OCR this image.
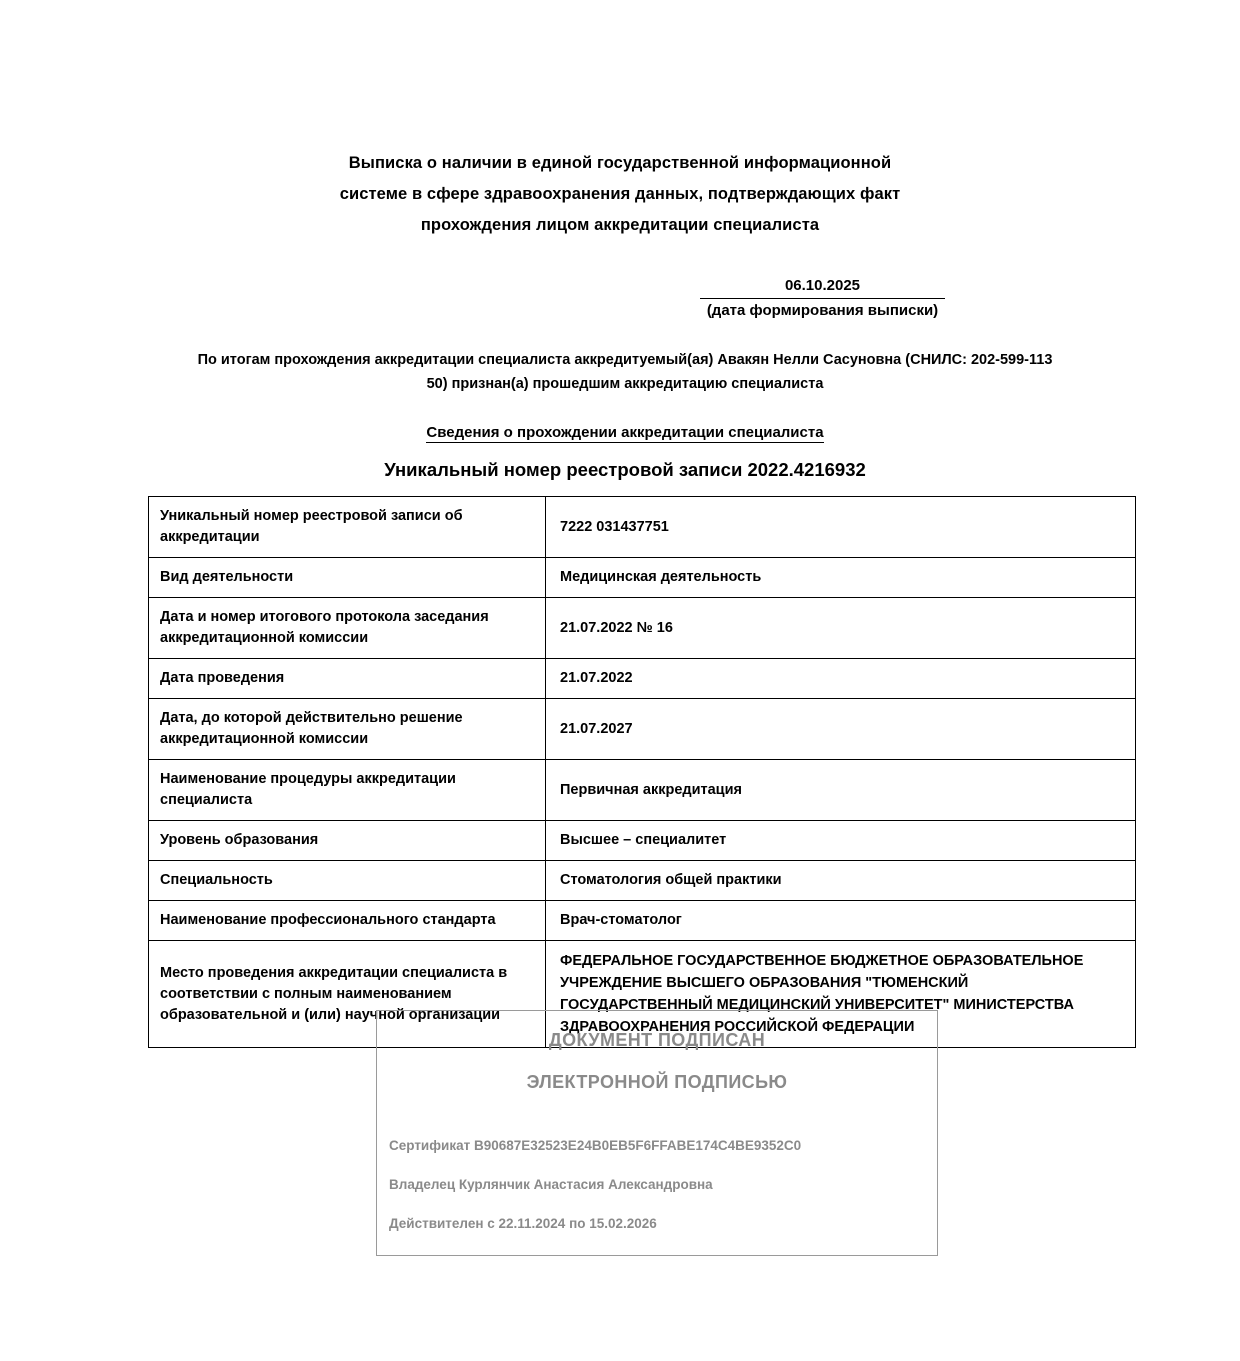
Выписка о наличии в единой государственной информационной
системе в сфере здравоохранения данных, подтверждающих факт
прохождения лицом аккредитации специалиста
06.10.2025
(дата формирования выписки)
По итогам прохождения аккредитации специалиста аккредитуемый(ая) Авакян Нелли Сасуновна (СНИЛС: 202-599-113
50) признан(а) прошедшим аккредитацию специалиста
Сведения о прохождении аккредитации специалиста
Уникальный номер реестровой записи 2022.4216932
Уникальный номер реестровой записи об аккредитации	7222 031437751
Вид деятельности	Медицинская деятельность
Дата и номер итогового протокола заседания аккредитационной комиссии	21.07.2022 № 16
Дата проведения	21.07.2022
Дата, до которой действительно решение аккредитационной комиссии	21.07.2027
Наименование процедуры аккредитации специалиста	Первичная аккредитация
Уровень образования	Высшее – специалитет
Специальность	Стоматология общей практики
Наименование профессионального стандарта	Врач-стоматолог
Место проведения аккредитации специалиста в соответствии с полным наименованием образовательной и (или) научной организации	ФЕДЕРАЛЬНОЕ ГОСУДАРСТВЕННОЕ БЮДЖЕТНОЕ ОБРАЗОВАТЕЛЬНОЕ УЧРЕЖДЕНИЕ ВЫСШЕГО ОБРАЗОВАНИЯ "ТЮМЕНСКИЙ ГОСУДАРСТВЕННЫЙ МЕДИЦИНСКИЙ УНИВЕРСИТЕТ" МИНИСТЕРСТВА ЗДРАВООХРАНЕНИЯ РОССИЙСКОЙ ФЕДЕРАЦИИ
ДОКУМЕНТ ПОДПИСАН
ЭЛЕКТРОННОЙ ПОДПИСЬЮ
Сертификат B90687E32523E24B0EB5F6FFABE174C4BE9352C0
Владелец Курлянчик Анастасия Александровна
Действителен с 22.11.2024 по 15.02.2026
